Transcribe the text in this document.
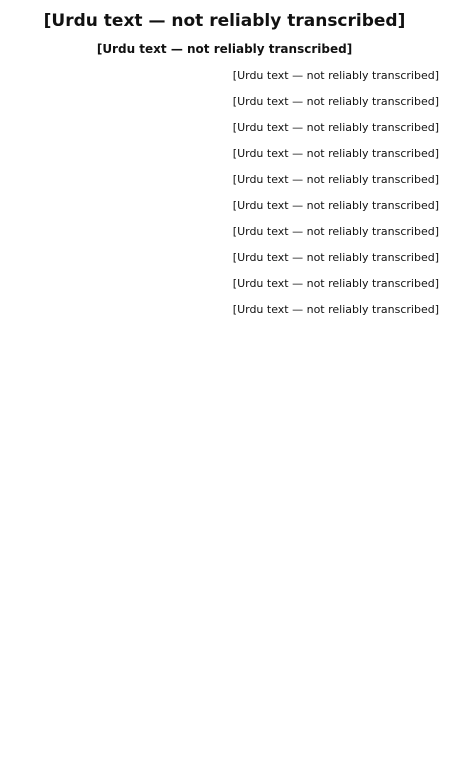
[Urdu text — not reliably transcribed]
[Urdu text — not reliably transcribed]

[Urdu text — not reliably transcribed]

[Urdu text — not reliably transcribed]

[Urdu text — not reliably transcribed]

[Urdu text — not reliably transcribed]

[Urdu text — not reliably transcribed]

[Urdu text — not reliably transcribed]

[Urdu text — not reliably transcribed]

[Urdu text — not reliably transcribed]

[Urdu text — not reliably transcribed]

[Urdu text — not reliably transcribed]
